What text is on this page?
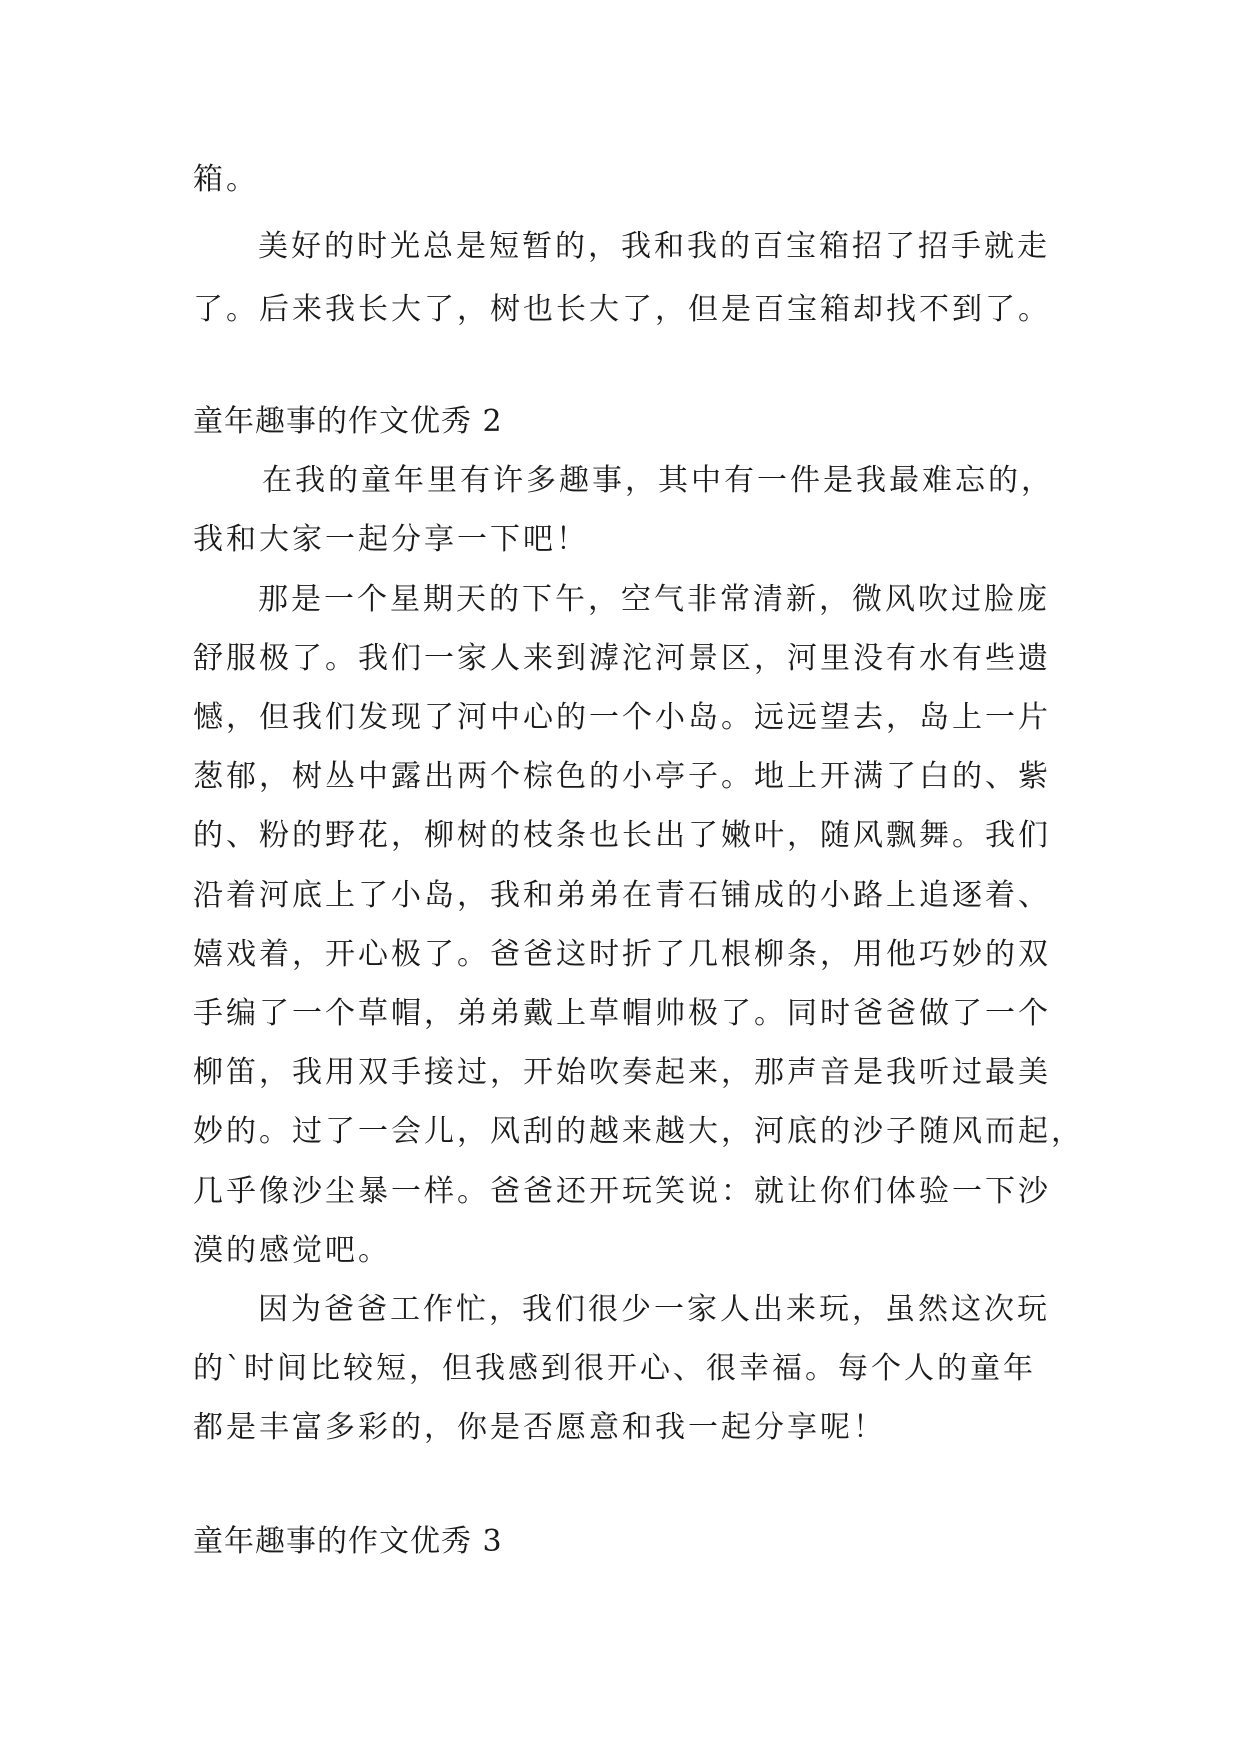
箱。
美好的时光总是短暂的，我和我的百宝箱招了招手就走
了。后来我长大了，树也长大了，但是百宝箱却找不到了。
童年趣事的作文优秀 2
在我的童年里有许多趣事，其中有一件是我最难忘的，
我和大家一起分享一下吧！
那是一个星期天的下午，空气非常清新，微风吹过脸庞
舒服极了。我们一家人来到滹沱河景区，河里没有水有些遗
憾，但我们发现了河中心的一个小岛。远远望去，岛上一片
葱郁，树丛中露出两个棕色的小亭子。地上开满了白的、紫
的、粉的野花，柳树的枝条也长出了嫩叶，随风飘舞。我们
沿着河底上了小岛，我和弟弟在青石铺成的小路上追逐着、
嬉戏着，开心极了。爸爸这时折了几根柳条，用他巧妙的双
手编了一个草帽，弟弟戴上草帽帅极了。同时爸爸做了一个
柳笛，我用双手接过，开始吹奏起来，那声音是我听过最美
妙的。过了一会儿，风刮的越来越大，河底的沙子随风而起，
几乎像沙尘暴一样。爸爸还开玩笑说：就让你们体验一下沙
漠的感觉吧。
因为爸爸工作忙，我们很少一家人出来玩，虽然这次玩
的`时间比较短，但我感到很开心、很幸福。每个人的童年
都是丰富多彩的，你是否愿意和我一起分享呢！
童年趣事的作文优秀 3
